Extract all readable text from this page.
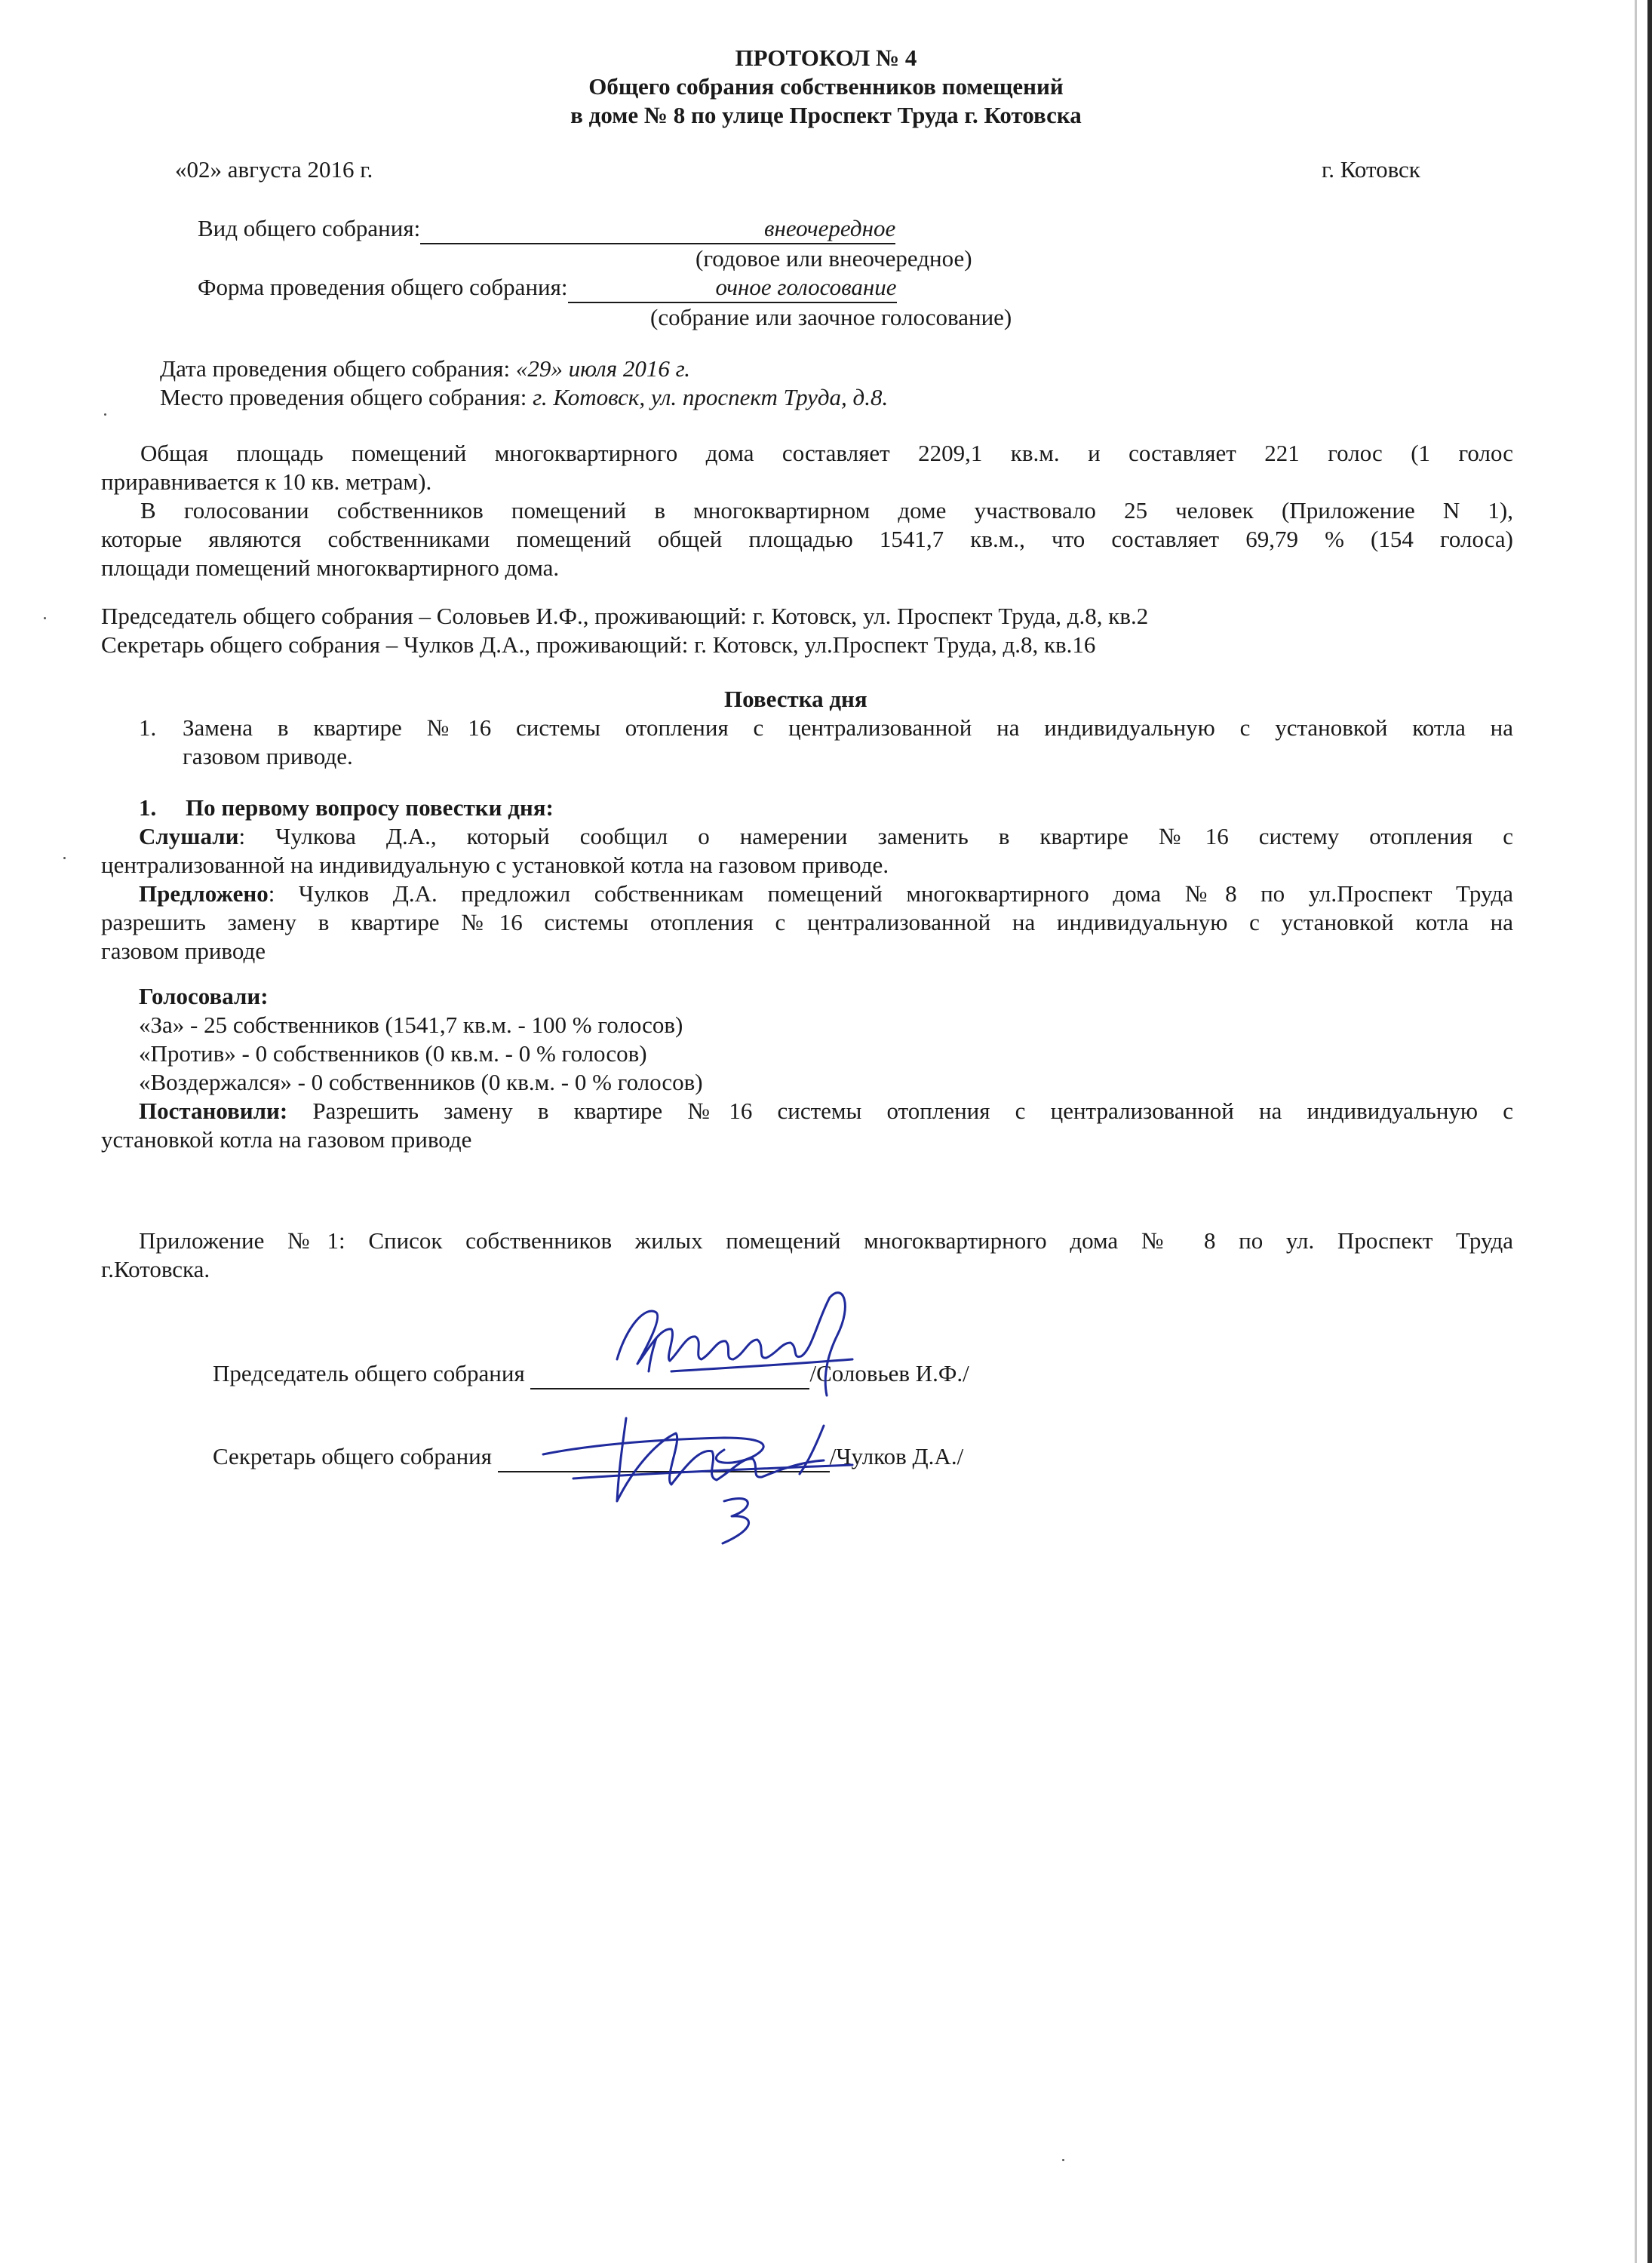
ПРОТОКОЛ № 4
Общего собрания собственников помещений
в доме № 8 по улице Проспект Труда г. Котовска
«02» августа 2016 г.	г. Котовск
Вид общего собрания:	внеочередное
(годовое или внеочередное)
Форма проведения общего собрания:	очное голосование
(собрание или заочное голосование)
Дата проведения общего собрания: «29» июля 2016 г.
Место проведения общего собрания: г. Котовск, ул. проспект Труда, д.8.
Общая площадь помещений многоквартирного дома составляет 2209,1 кв.м. и составляет 221 голос (1 голос
приравнивается к 10 кв. метрам).
В голосовании собственников помещений в многоквартирном доме участвовало 25 человек (Приложение N 1),
которые являются собственниками помещений общей площадью 1541,7 кв.м., что составляет 69,79 % (154 голоса)
площади помещений многоквартирного дома.
Председатель общего собрания – Соловьев И.Ф., проживающий: г. Котовск, ул. Проспект Труда, д.8, кв.2
Секретарь общего собрания – Чулков Д.А., проживающий: г. Котовск, ул.Проспект Труда, д.8, кв.16
Повестка дня
1. Замена в квартире №16 системы отопления с централизованной на индивидуальную с установкой котла на
газовом приводе.
1. По первому вопросу повестки дня:
Слушали: Чулкова Д.А., который сообщил о намерении заменить в квартире №16 систему отопления с
централизованной на индивидуальную с установкой котла на газовом приводе.
Предложено: Чулков Д.А. предложил собственникам помещений многоквартирного дома №8 по ул.Проспект Труда
разрешить замену в квартире №16 системы отопления с централизованной на индивидуальную с установкой котла на
газовом приводе
Голосовали:
«За» - 25 собственников (1541,7 кв.м. - 100 % голосов)
«Против» - 0 собственников (0 кв.м. - 0 % голосов)
«Воздержался» - 0 собственников (0 кв.м. - 0 % голосов)
Постановили: Разрешить замену в квартире №16 системы отопления с централизованной на индивидуальную с
установкой котла на газовом приводе
Приложение №1: Список собственников жилых помещений многоквартирного дома № 8 по ул. Проспект Труда
г.Котовска.
Председатель общего собрания	/Соловьев И.Ф./
Секретарь общего собрания	/Чулков Д.А./
